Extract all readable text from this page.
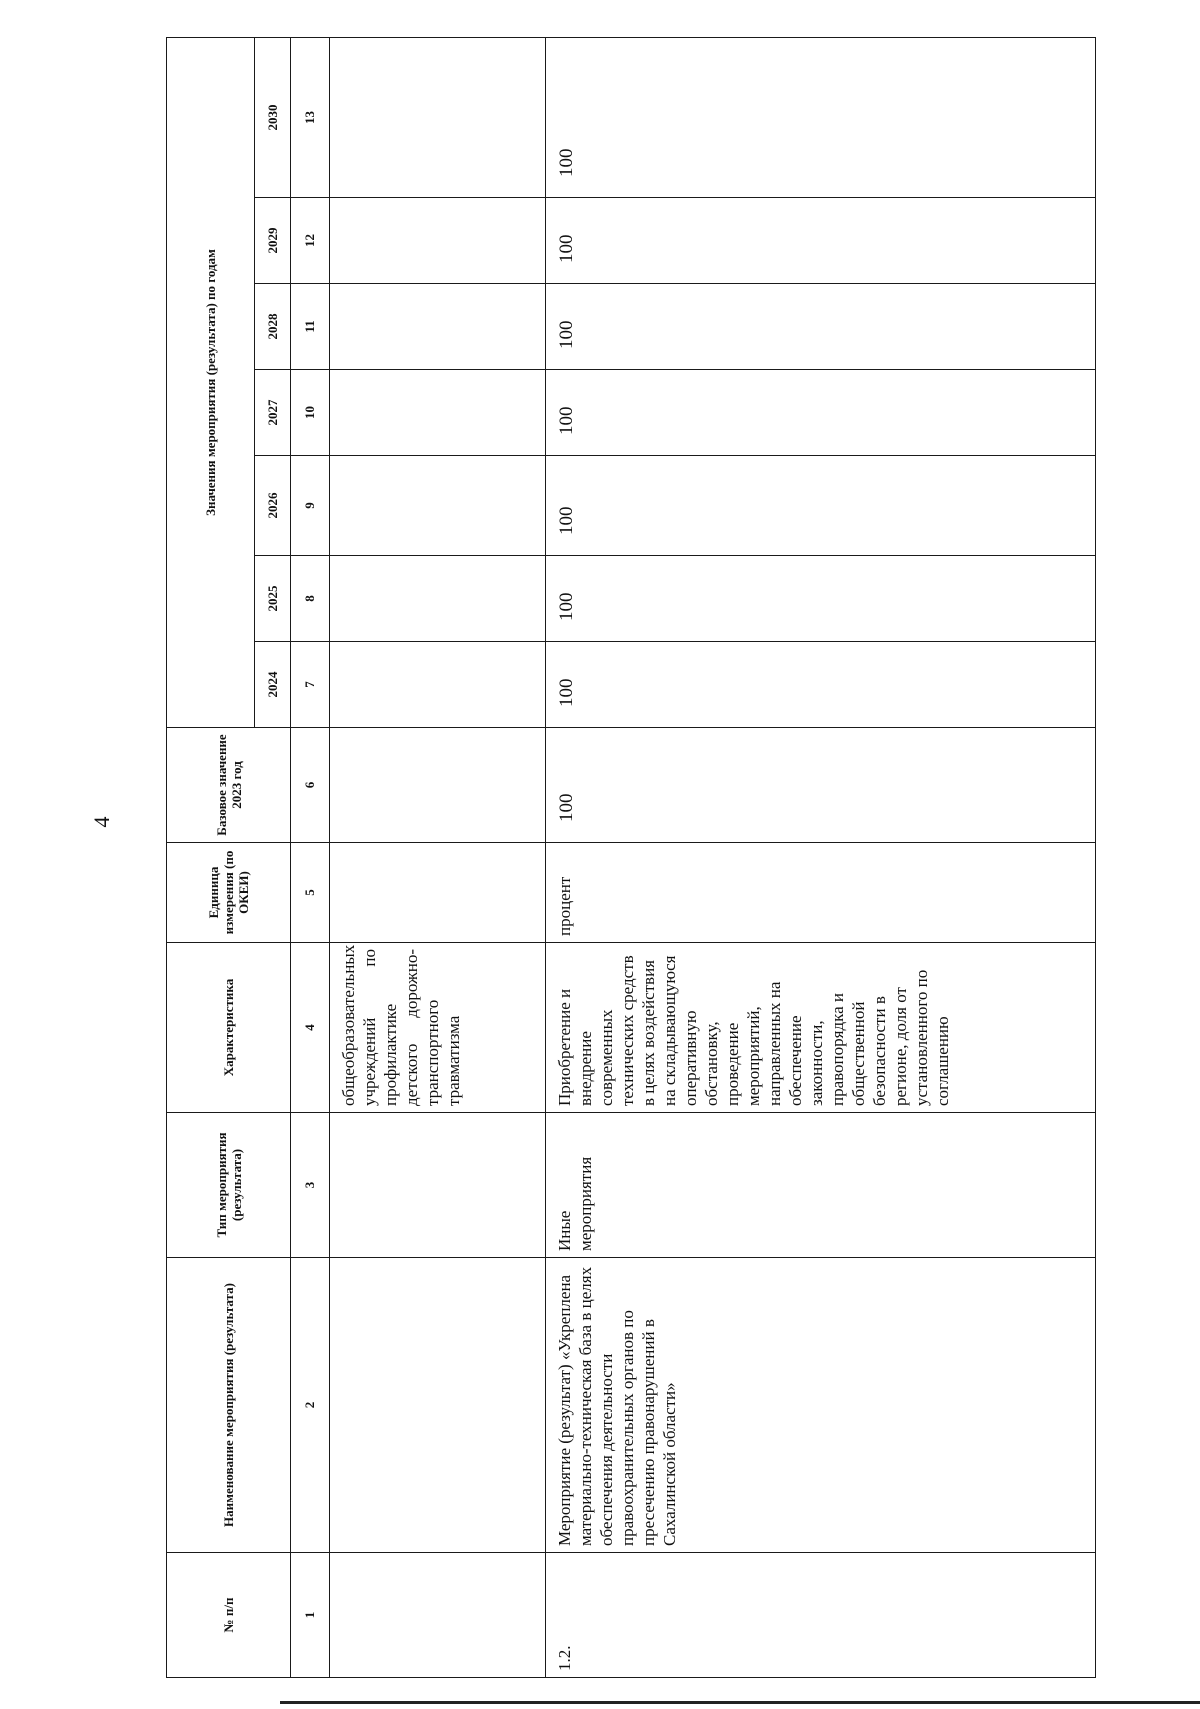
4
№ п/п	Наименование мероприятия (результата)	Тип мероприятия (результата)	Характеристика	Единица измерения (по ОКЕИ)	Базовое значение 2023 год	Значения мероприятия (результата) по годам						
						2024	2025	2026	2027	2028	2029	2030
1	2	3	4	5	6	7	8	9	10	11	12	13
			общеобразовательных учреждений по профилактике детского дорожно-транспортного травматизма									
1.2.	Мероприятие (результат) «Укреплена материально-техническая база в целях обеспечения деятельности правоохранительных органов по пресечению правонарушений в Сахалинской области»	Иные мероприятия	Приобретение и внедрение современных технических средств в целях воздействия на складывающуюся оперативную обстановку, проведение мероприятий, направленных на обеспечение законности, правопорядка и общественной безопасности в регионе, доля от установленного по соглашению	процент	100	100	100	100	100	100	100	100
